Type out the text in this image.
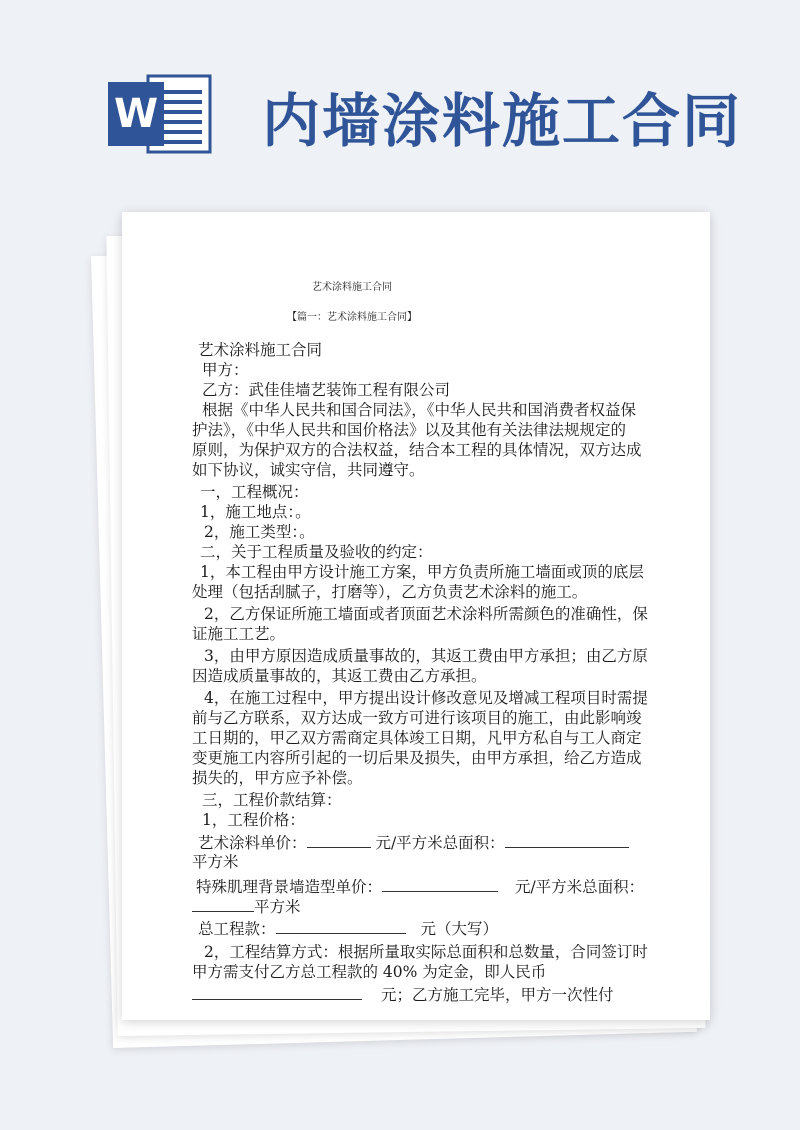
W 内墙涂料施工合同
艺术涂料施工合同
【篇一：艺术涂料施工合同】
艺术涂料施工合同
甲方：
乙方：武佳佳墙艺装饰工程有限公司
根据《中华人民共和国合同法》，《中华人民共和国消费者权益保
护法》，《中华人民共和国价格法》以及其他有关法律法规规定的
原则，为保护双方的合法权益，结合本工程的具体情况，双方达成
如下协议，诚实守信，共同遵守。
一，工程概况：
1，施工地点：。
2，施工类型：。
二，关于工程质量及验收的约定：
1，本工程由甲方设计施工方案，甲方负责所施工墙面或顶的底层
处理（包括刮腻子，打磨等），乙方负责艺术涂料的施工。
2，乙方保证所施工墙面或者顶面艺术涂料所需颜色的准确性，保
证施工工艺。
3，由甲方原因造成质量事故的，其返工费由甲方承担；由乙方原
因造成质量事故的，其返工费由乙方承担。
4，在施工过程中，甲方提出设计修改意见及增减工程项目时需提
前与乙方联系，双方达成一致方可进行该项目的施工，由此影响竣
工日期的，甲乙双方需商定具体竣工日期，凡甲方私自与工人商定
变更施工内容所引起的一切后果及损失，由甲方承担，给乙方造成
损失的，甲方应予补偿。
三，工程价款结算：
1，工程价格：
艺术涂料单价：	元/平方米总面积：
平方米
特殊肌理背景墙造型单价：	元/平方米总面积：
平方米
总工程款：	元（大写）
2，工程结算方式：根据所量取实际总面积和总数量，合同签订时
甲方需支付乙方总工程款的 40% 为定金，即人民币
元；乙方施工完毕，甲方一次性付
